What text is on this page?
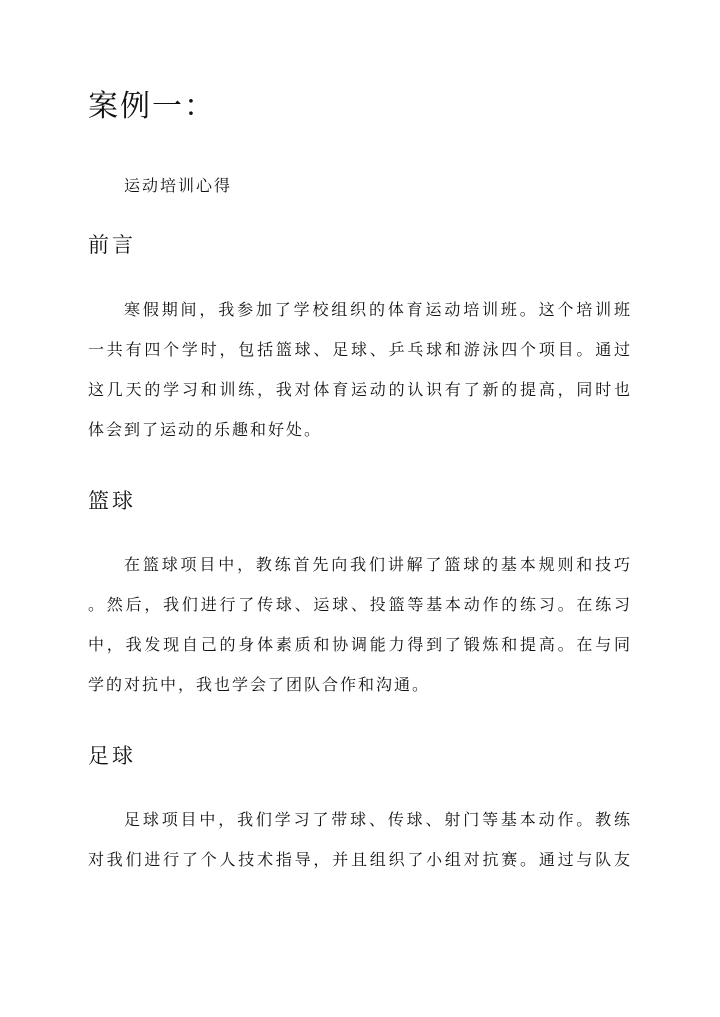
案例一：

运动培训心得

前言
寒假期间，我参加了学校组织的体育运动培训班。这个培训班
一共有四个学时，包括篮球、足球、乒乓球和游泳四个项目。通过
这几天的学习和训练，我对体育运动的认识有了新的提高，同时也
体会到了运动的乐趣和好处。
篮球
在篮球项目中，教练首先向我们讲解了篮球的基本规则和技巧
。然后，我们进行了传球、运球、投篮等基本动作的练习。在练习
中，我发现自己的身体素质和协调能力得到了锻炼和提高。在与同
学的对抗中，我也学会了团队合作和沟通。
足球
足球项目中，我们学习了带球、传球、射门等基本动作。教练
对我们进行了个人技术指导，并且组织了小组对抗赛。通过与队友
